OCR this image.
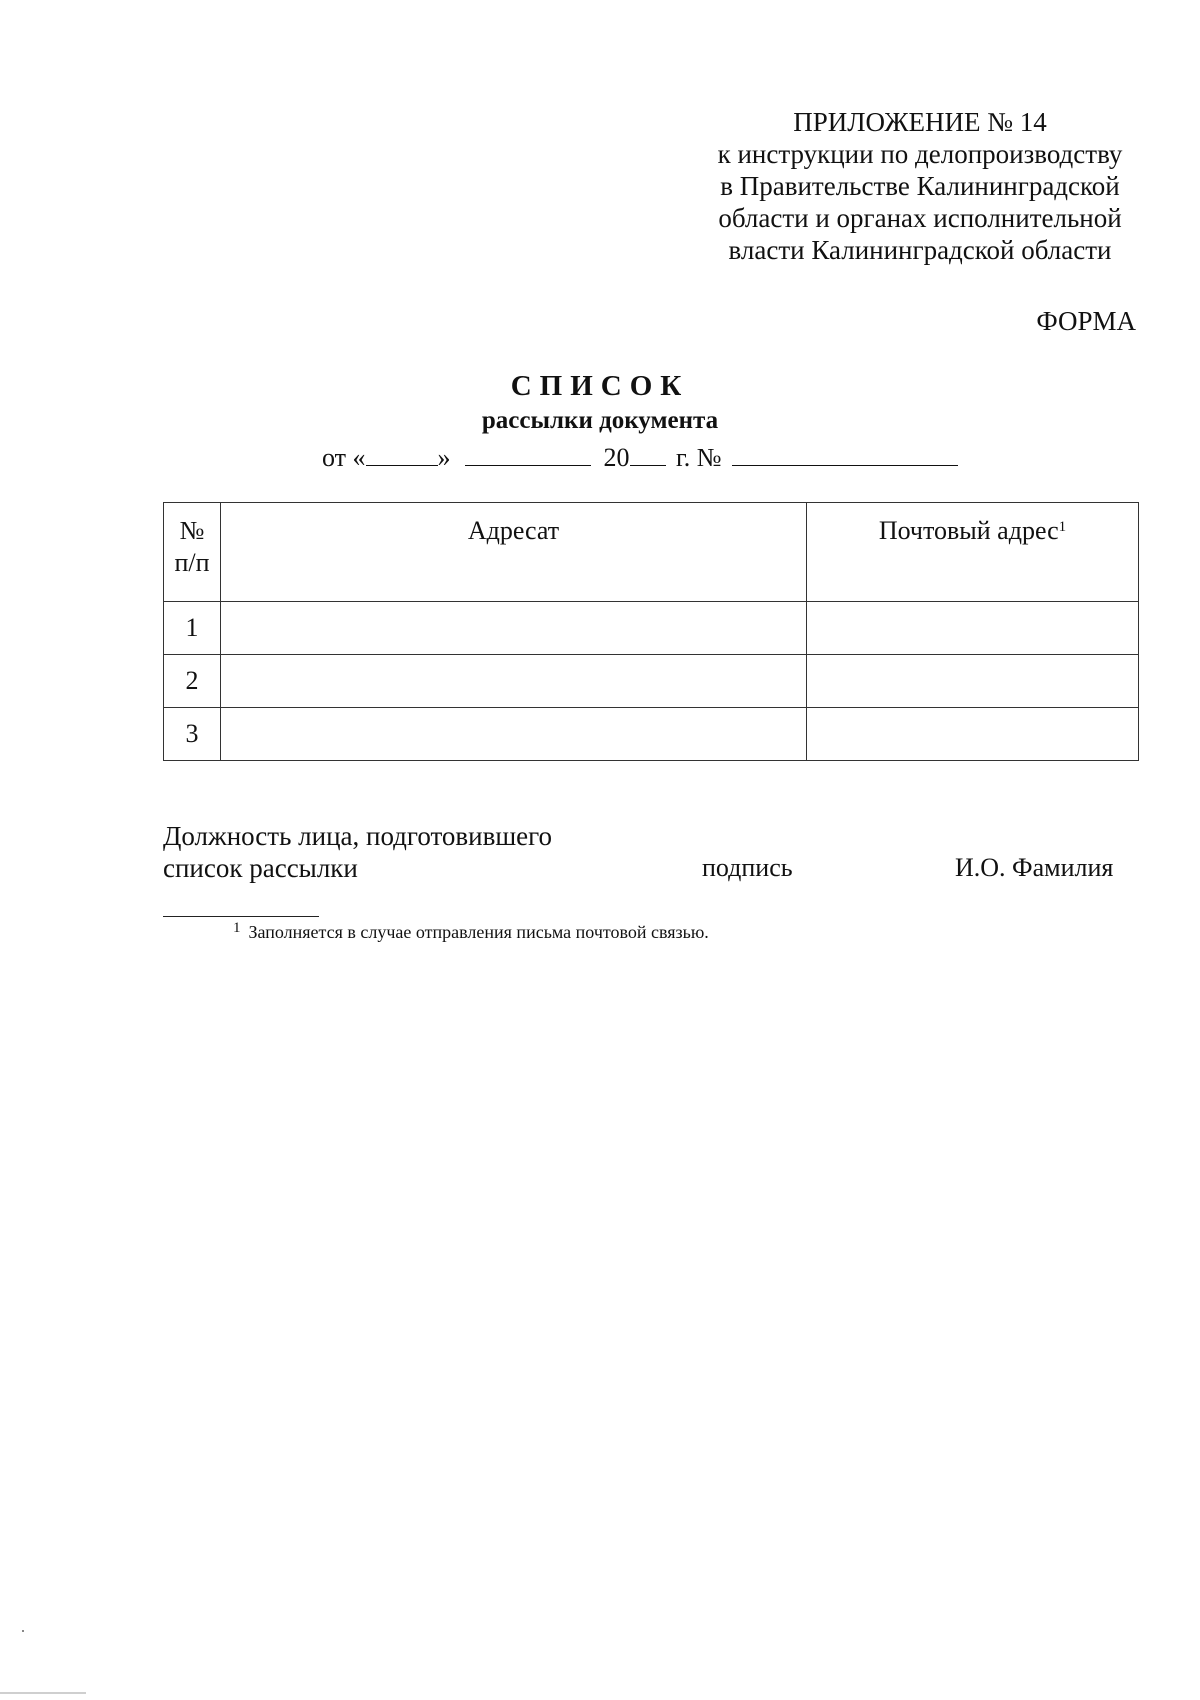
ПРИЛОЖЕНИЕ № 14
к инструкции по делопроизводству
в Правительстве Калининградской
области и органах исполнительной
власти Калининградской области
ФОРМА
СПИСОК
рассылки документа
от «	»	20 г. №
№
п/п	Адресат	Почтовый адрес$^1$
1		
2		
3		
Должность лица, подготовившего
список рассылки	подпись	И.О. Фамилия
$^1$ Заполняется в случае отправления письма почтовой связью.
